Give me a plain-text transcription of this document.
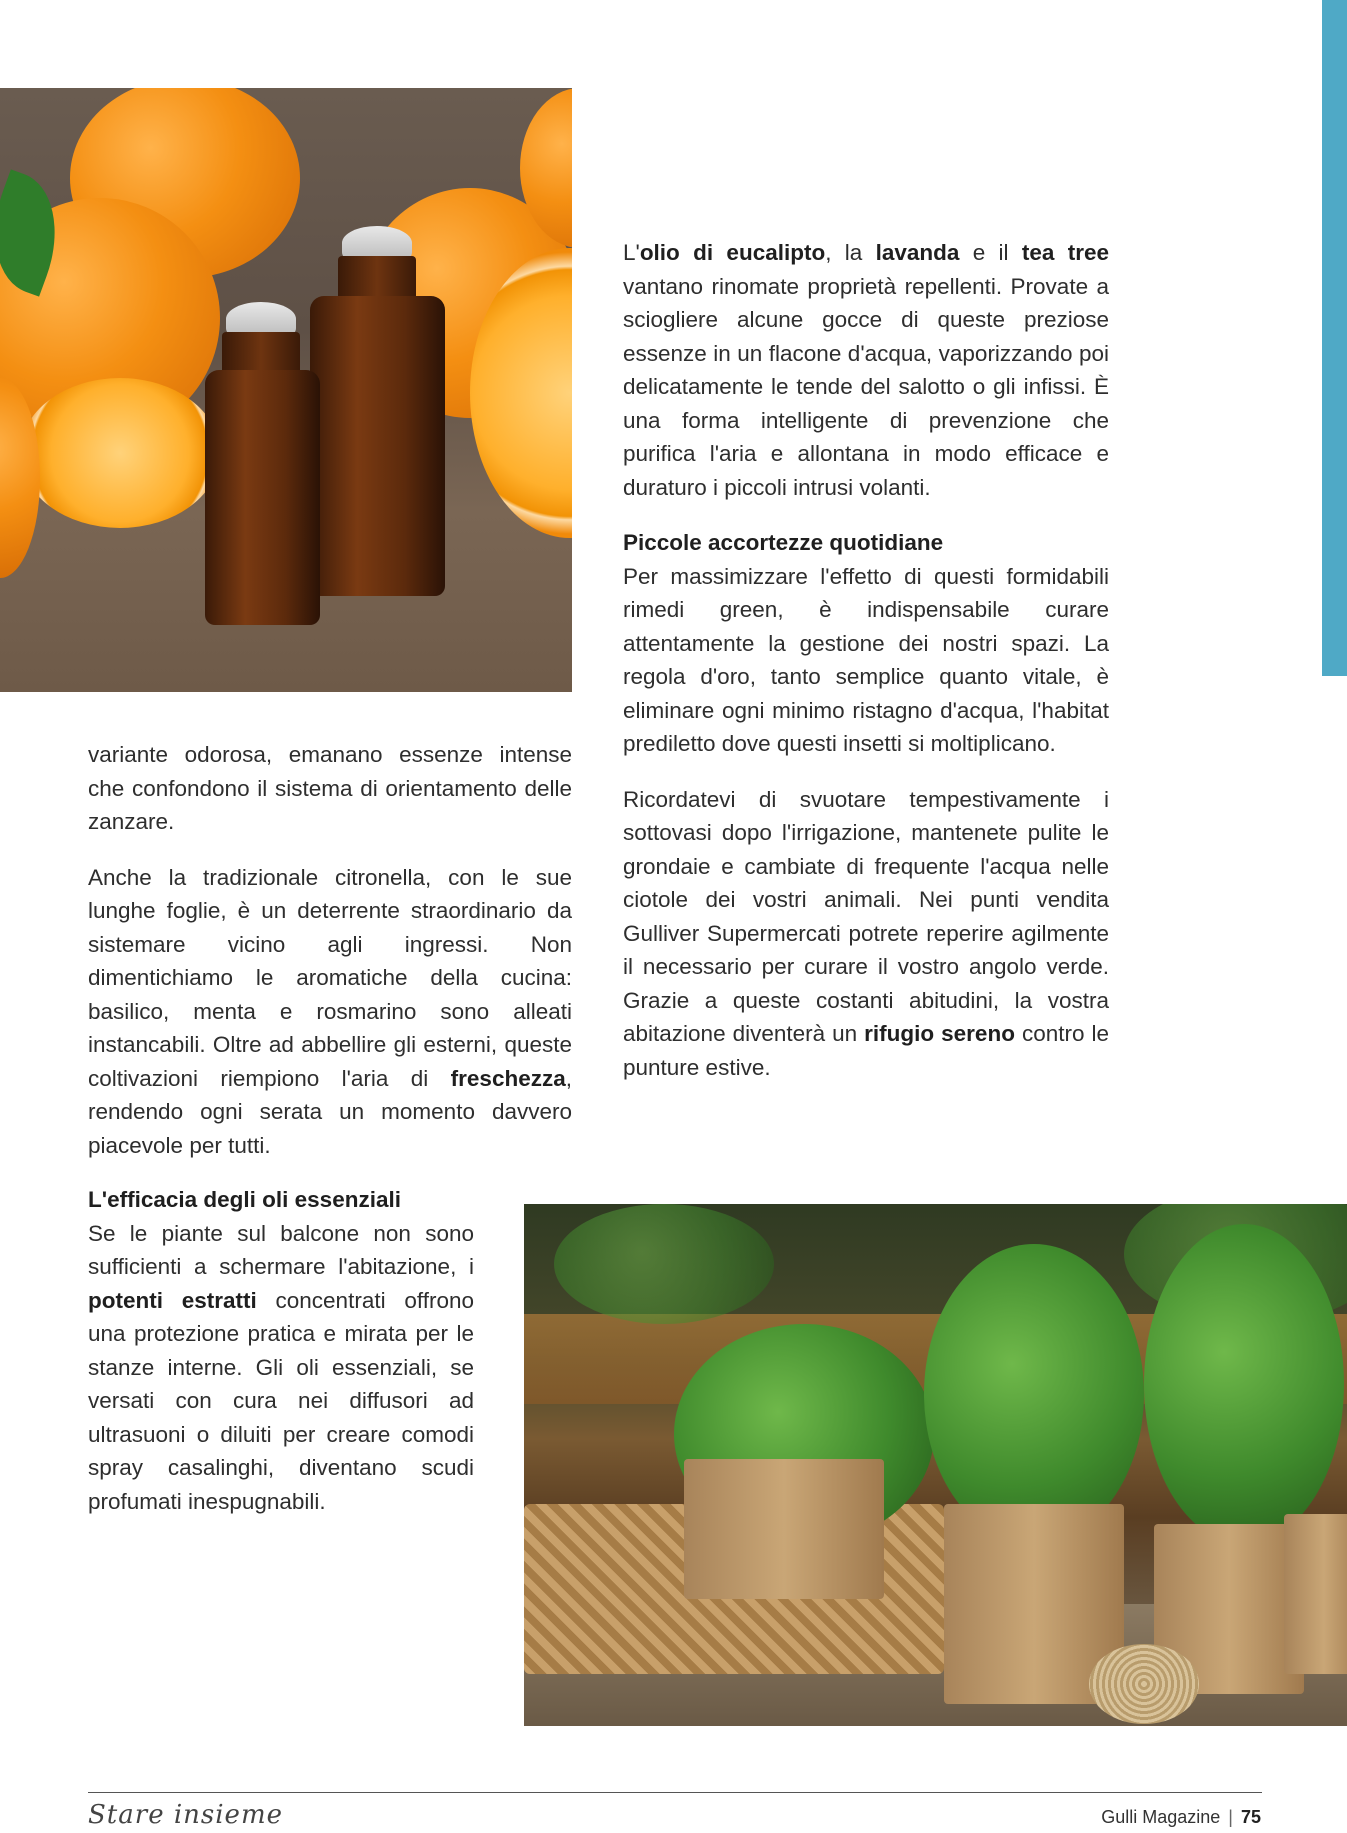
L'olio di eucalipto, la lavanda e il tea tree vantano rinomate proprietà repellenti. Provate a sciogliere alcune gocce di queste preziose essenze in un flacone d'acqua, vaporizzando poi delicatamente le tende del salotto o gli infissi. È una forma intelligente di prevenzione che purifica l'aria e allontana in modo efficace e duraturo i piccoli intrusi volanti.

Piccole accortezze quotidiane

Per massimizzare l'effetto di questi formidabili rimedi green, è indispensabile curare attentamente la gestione dei nostri spazi. La regola d'oro, tanto semplice quanto vitale, è eliminare ogni minimo ristagno d'acqua, l'habitat prediletto dove questi insetti si moltiplicano.

Ricordatevi di svuotare tempestivamente i sottovasi dopo l'irrigazione, mantenete pulite le grondaie e cambiate di frequente l'acqua nelle ciotole dei vostri animali. Nei punti vendita Gulliver Supermercati potrete reperire agilmente il necessario per curare il vostro angolo verde. Grazie a queste costanti abitudini, la vostra abitazione diventerà un rifugio sereno contro le punture estive.

variante odorosa, emanano essenze intense che confondono il sistema di orientamento delle zanzare.

Anche la tradizionale citronella, con le sue lunghe foglie, è un deterrente straordinario da sistemare vicino agli ingressi. Non dimentichiamo le aromatiche della cucina: basilico, menta e rosmarino sono alleati instancabili. Oltre ad abbellire gli esterni, queste coltivazioni riempiono l'aria di freschezza, rendendo ogni serata un momento davvero piacevole per tutti.

L'efficacia degli oli essenziali

Se le piante sul balcone non sono sufficienti a schermare l'abitazione, i potenti estratti concentrati offrono una protezione pratica e mirata per le stanze interne. Gli oli essenziali, se versati con cura nei diffusori ad ultrasuoni o diluiti per creare comodi spray casalinghi, diventano scudi profumati inespugnabili.

Stare insieme	Gulli Magazine | 75
